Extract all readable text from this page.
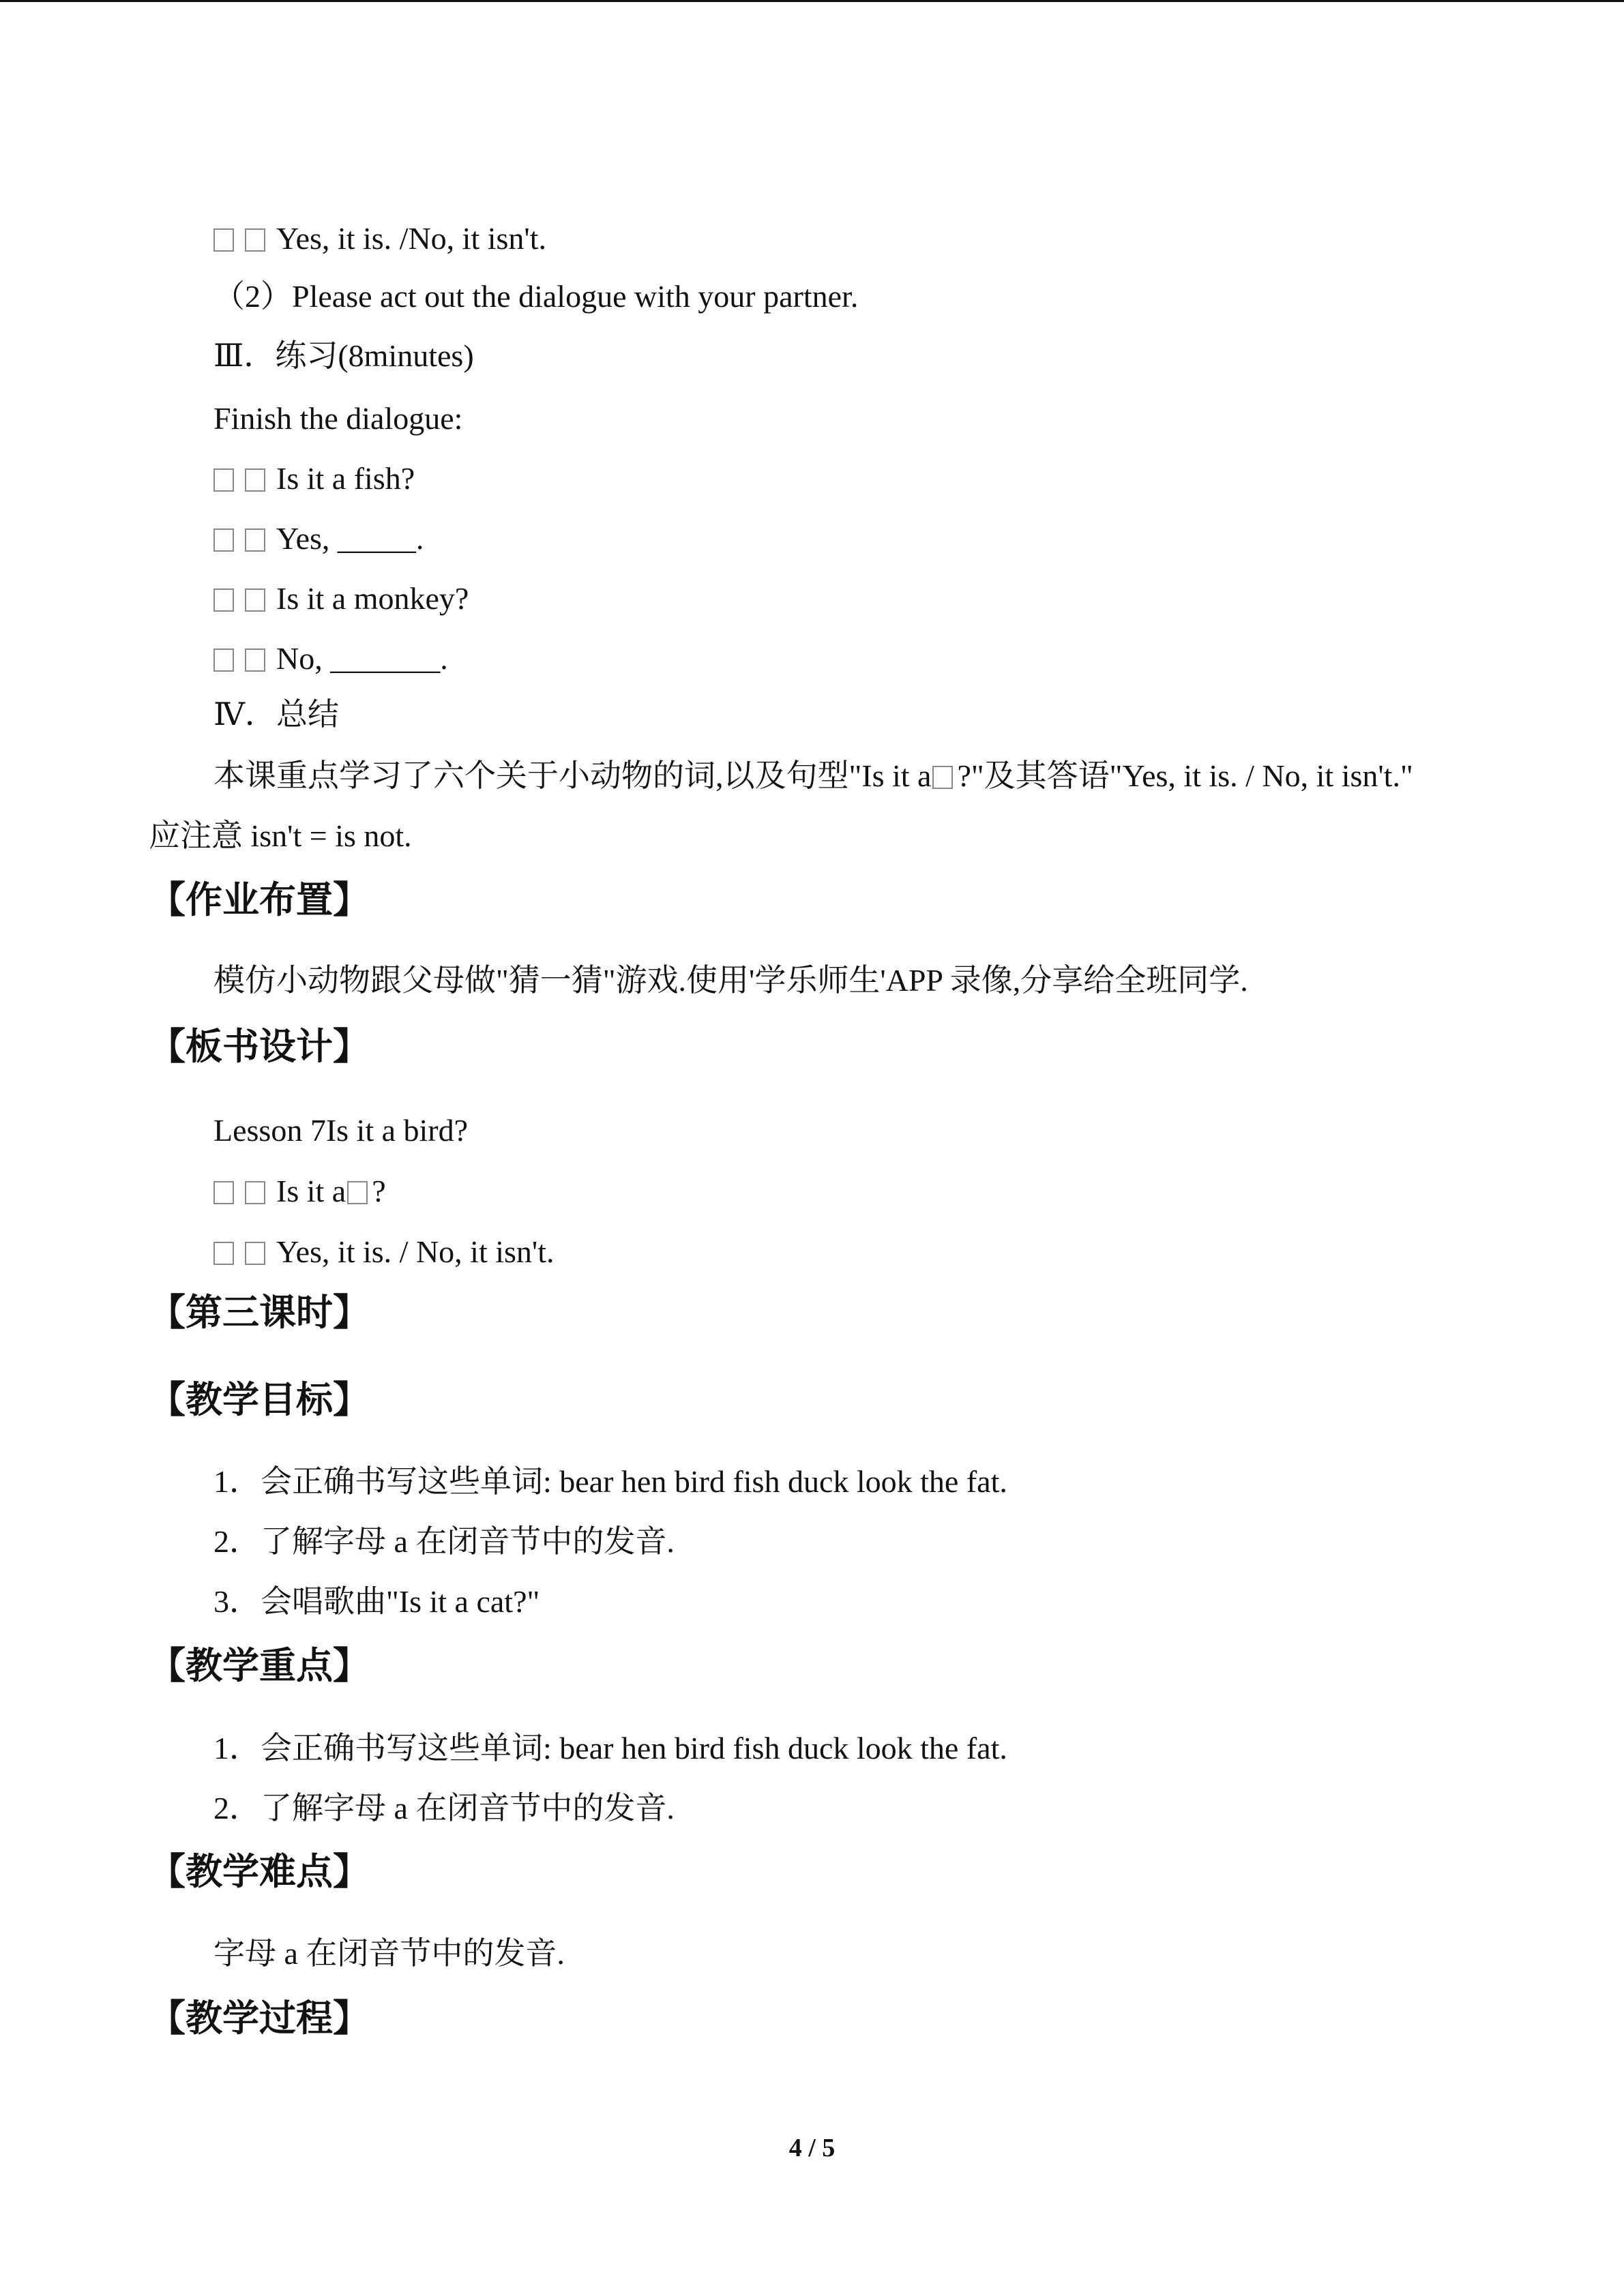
Yes, it is. /No, it isn't.
（2）Please act out the dialogue with your partner.
Ⅲ．练习(8minutes)
Finish the dialogue:
Is it a fish?
Yes, _____.
Is it a monkey?
No, _______.
Ⅳ．总结
本课重点学习了六个关于小动物的词,以及句型"Is it a ?"及其答语"Yes, it is. / No, it isn't."
应注意 isn't = is not.
【作业布置】
模仿小动物跟父母做"猜一猜"游戏.使用'学乐师生'APP 录像,分享给全班同学.
【板书设计】
Lesson 7Is it a bird?
Is it a ?
Yes, it is. / No, it isn't.
【第三课时】
【教学目标】
1．会正确书写这些单词: bear hen bird fish duck look the fat.
2．了解字母 a 在闭音节中的发音.
3．会唱歌曲"Is it a cat?"
【教学重点】
1．会正确书写这些单词: bear hen bird fish duck look the fat.
2．了解字母 a 在闭音节中的发音.
【教学难点】
字母 a 在闭音节中的发音.
【教学过程】
4 / 5
